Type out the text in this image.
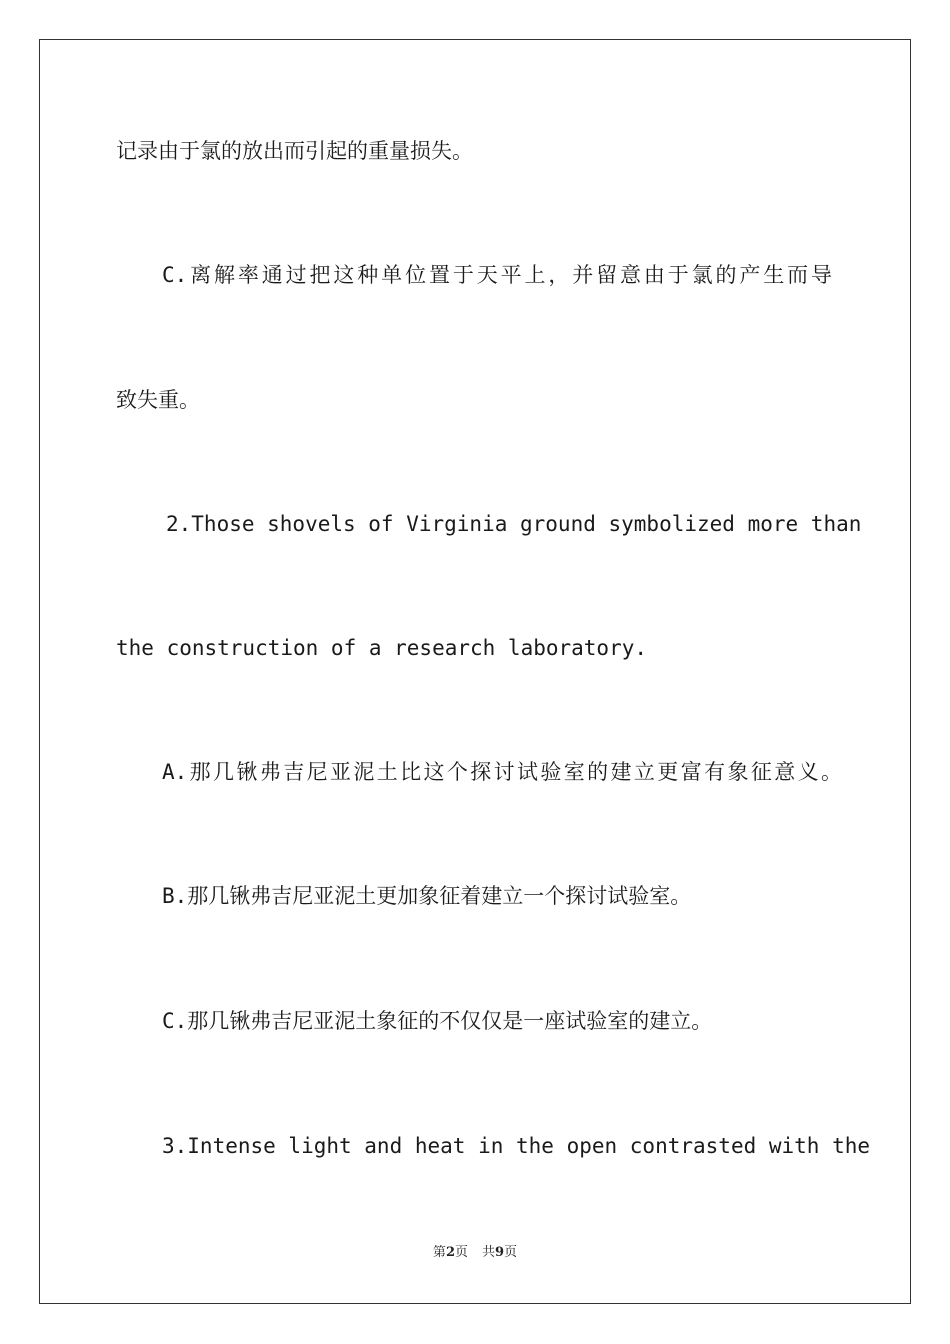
记录由于氯的放出而引起的重量损失。
C.离解率通过把这种单位置于天平上，并留意由于氯的产生而导
致失重。
2.Those shovels of Virginia ground symbolized more than
the construction of a research laboratory.
A.那几锹弗吉尼亚泥土比这个探讨试验室的建立更富有象征意义。
B.那几锹弗吉尼亚泥土更加象征着建立一个探讨试验室。
C.那几锹弗吉尼亚泥土象征的不仅仅是一座试验室的建立。
3.Intense light and heat in the open contrasted with the
第2页 共9页
